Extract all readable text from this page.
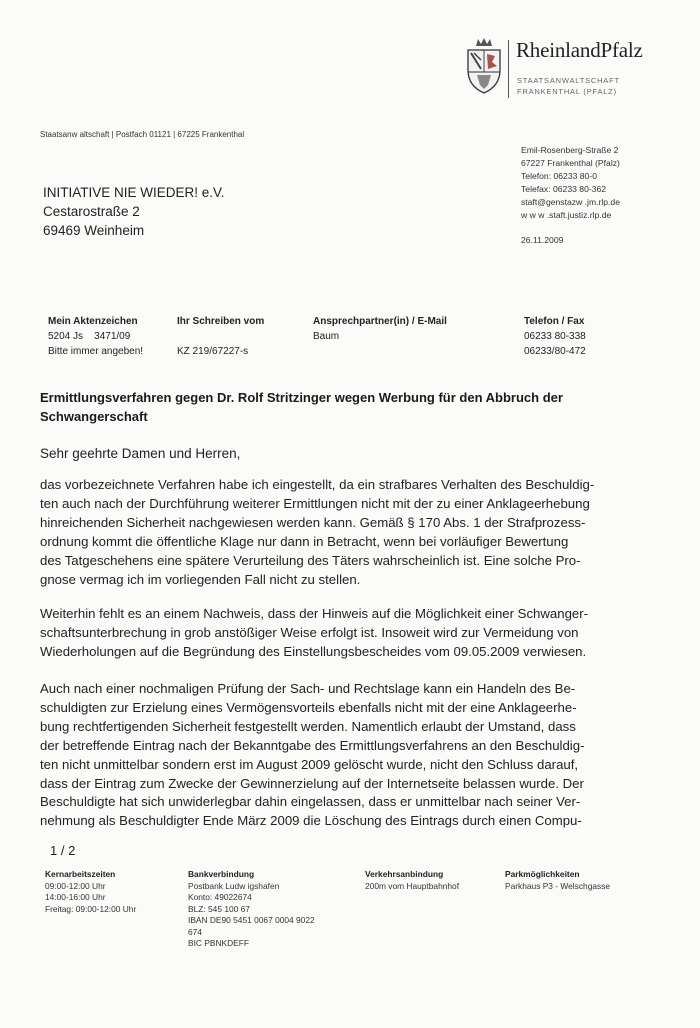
RheinlandPfalz
STAATSANWALTSCHAFT
FRANKENTHAL (PFALZ)
Staatsanw altschaft | Postfach 01121 | 67225 Frankenthal
Emil-Rosenberg-Straße 2
67227 Frankenthal (Pfalz)
Telefon: 06233 80-0
Telefax: 06233 80-362
staft@genstazw .jm.rlp.de
w w w .staft.justiz.rlp.de
26.11.2009
INITIATIVE NIE WIEDER! e.V.
Cestarostraße 2
69469 Weinheim
Mein Aktenzeichen
5204 Js    3471/09
Bitte immer angeben!
Ihr Schreiben vom

KZ 219/67227-s
Ansprechpartner(in) / E-Mail
Baum
Telefon / Fax
06233 80-338
06233/80-472
Ermittlungsverfahren gegen Dr. Rolf Stritzinger wegen Werbung für den Abbruch der
Schwangerschaft
Sehr geehrte Damen und Herren,

das vorbezeichnete Verfahren habe ich eingestellt, da ein strafbares Verhalten des Beschuldig-
ten auch nach der Durchführung weiterer Ermittlungen nicht mit der zu einer Anklageerhebung
hinreichenden Sicherheit nachgewiesen werden kann. Gemäß § 170 Abs. 1 der Strafprozess-
ordnung kommt die öffentliche Klage nur dann in Betracht, wenn bei vorläufiger Bewertung
des Tatgeschehens eine spätere Verurteilung des Täters wahrscheinlich ist. Eine solche Pro-
gnose vermag ich im vorliegenden Fall nicht zu stellen.

Weiterhin fehlt es an einem Nachweis, dass der Hinweis auf die Möglichkeit einer Schwanger-
schaftsunterbrechung in grob anstößiger Weise erfolgt ist. Insoweit wird zur Vermeidung von
Wiederholungen auf die Begründung des Einstellungsbescheides vom 09.05.2009 verwiesen.

Auch nach einer nochmaligen Prüfung der Sach- und Rechtslage kann ein Handeln des Be-
schuldigten zur Erzielung eines Vermögensvorteils ebenfalls nicht mit der eine Anklageerhe-
bung rechtfertigenden Sicherheit festgestellt werden. Namentlich erlaubt der Umstand, dass
der betreffende Eintrag nach der Bekanntgabe des Ermittlungsverfahrens an den Beschuldig-
ten nicht unmittelbar sondern erst im August 2009 gelöscht wurde, nicht den Schluss darauf,
dass der Eintrag zum Zwecke der Gewinnerzielung auf der Internetseite belassen wurde. Der
Beschuldigte hat sich unwiderlegbar dahin eingelassen, dass er unmittelbar nach seiner Ver-
nehmung als Beschuldigter Ende März 2009 die Löschung des Eintrags durch einen Compu-

1 / 2
Kernarbeitszeiten
09:00-12:00 Uhr
14:00-16:00 Uhr
Freitag: 09:00-12:00 Uhr
Bankverbindung
Postbank Ludw igshafen
Konto: 49022674
BLZ: 545 100 67
IBAN DE90 5451 0067 0004 9022
674
BIC PBNKDEFF
Verkehrsanbindung
200m vom Hauptbahnhof
Parkmöglichkeiten
Parkhaus P3 - Welschgasse
